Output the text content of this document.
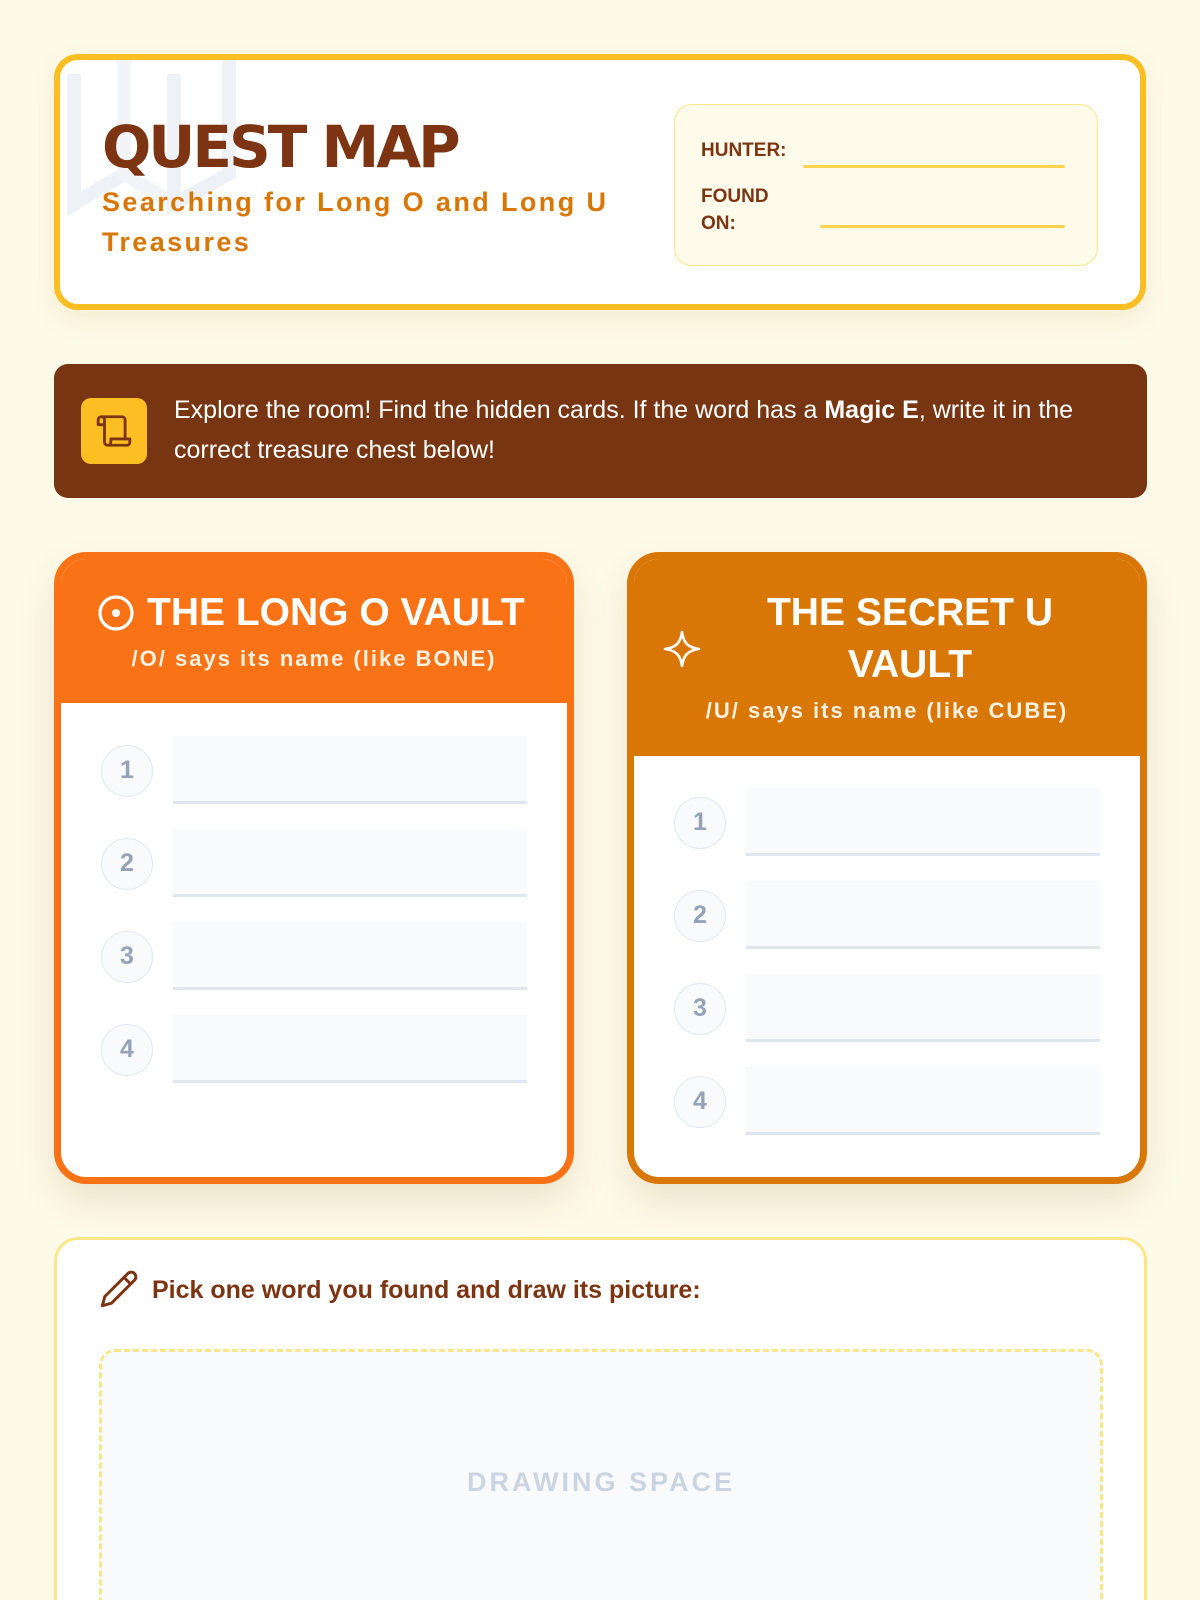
QUEST MAP
Searching for Long O and Long U Treasures
HUNTER:
FOUND ON:
Explore the room! Find the hidden cards. If the word has a Magic E, write it in the correct treasure chest below!
THE LONG O VAULT
/O/ says its name (like BONE)
1
2
3
4
THE SECRET U VAULT
/U/ says its name (like CUBE)
1
2
3
4
Pick one word you found and draw its picture:
DRAWING SPACE
